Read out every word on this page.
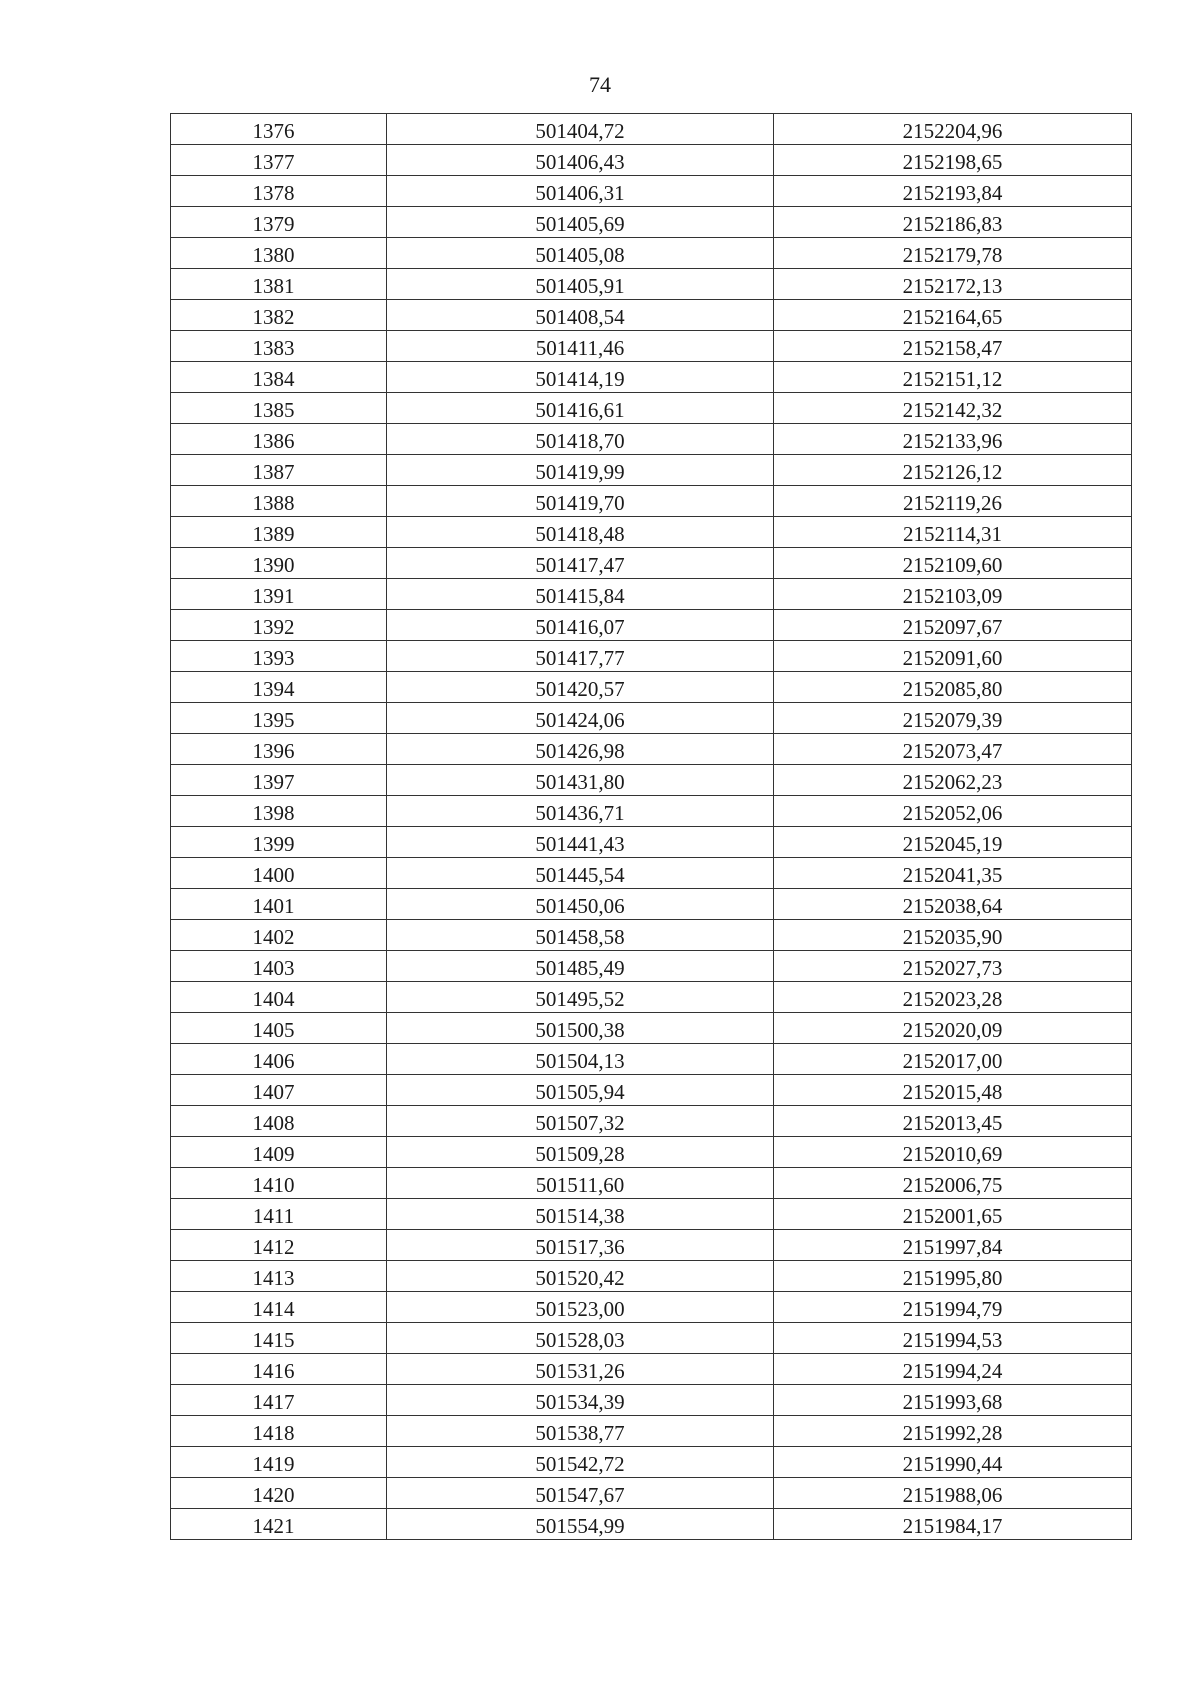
74
1376	501404,72	2152204,96
1377	501406,43	2152198,65
1378	501406,31	2152193,84
1379	501405,69	2152186,83
1380	501405,08	2152179,78
1381	501405,91	2152172,13
1382	501408,54	2152164,65
1383	501411,46	2152158,47
1384	501414,19	2152151,12
1385	501416,61	2152142,32
1386	501418,70	2152133,96
1387	501419,99	2152126,12
1388	501419,70	2152119,26
1389	501418,48	2152114,31
1390	501417,47	2152109,60
1391	501415,84	2152103,09
1392	501416,07	2152097,67
1393	501417,77	2152091,60
1394	501420,57	2152085,80
1395	501424,06	2152079,39
1396	501426,98	2152073,47
1397	501431,80	2152062,23
1398	501436,71	2152052,06
1399	501441,43	2152045,19
1400	501445,54	2152041,35
1401	501450,06	2152038,64
1402	501458,58	2152035,90
1403	501485,49	2152027,73
1404	501495,52	2152023,28
1405	501500,38	2152020,09
1406	501504,13	2152017,00
1407	501505,94	2152015,48
1408	501507,32	2152013,45
1409	501509,28	2152010,69
1410	501511,60	2152006,75
1411	501514,38	2152001,65
1412	501517,36	2151997,84
1413	501520,42	2151995,80
1414	501523,00	2151994,79
1415	501528,03	2151994,53
1416	501531,26	2151994,24
1417	501534,39	2151993,68
1418	501538,77	2151992,28
1419	501542,72	2151990,44
1420	501547,67	2151988,06
1421	501554,99	2151984,17
